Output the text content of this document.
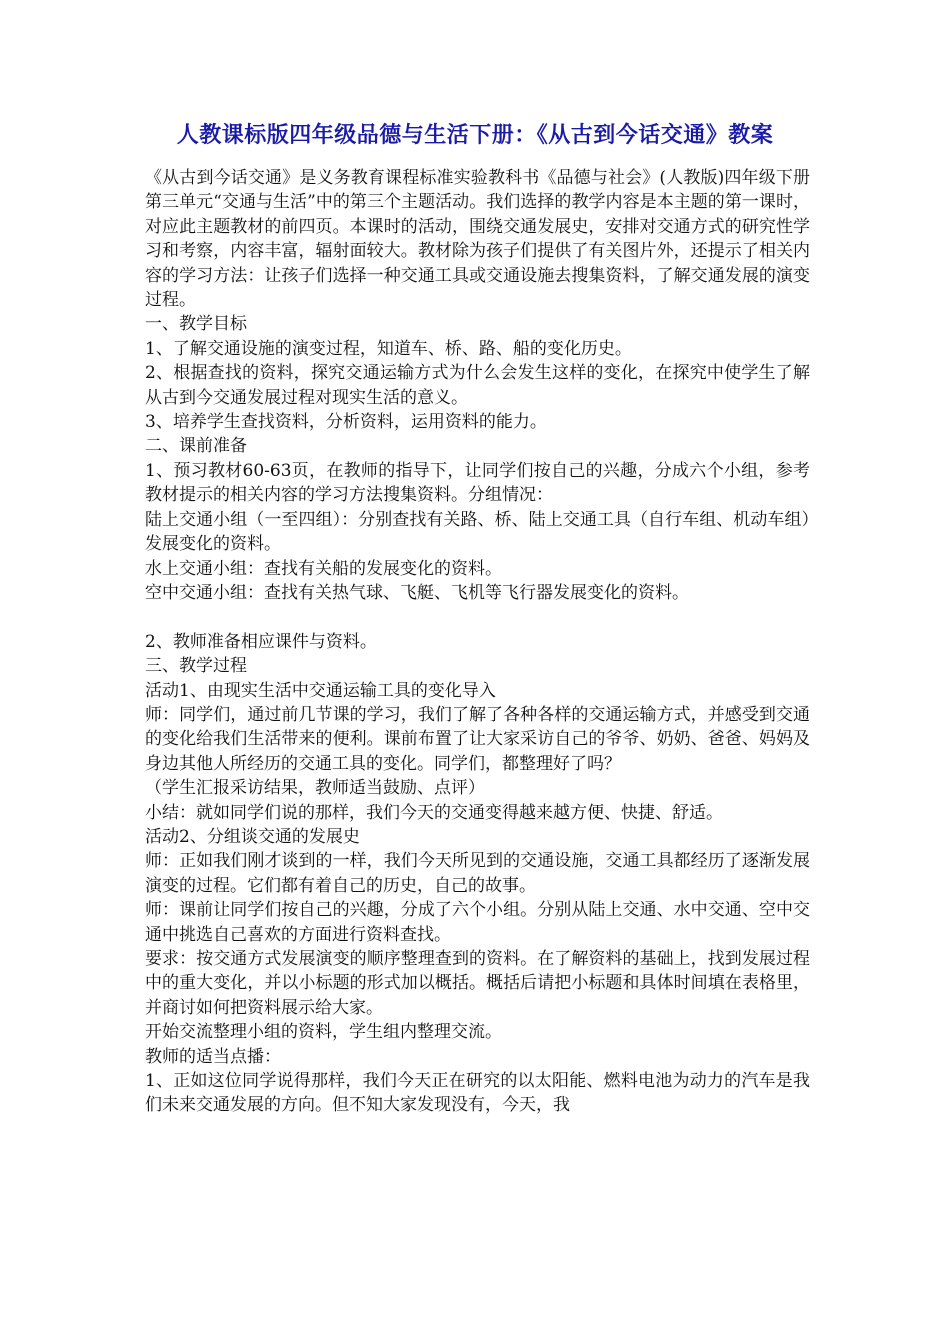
人教课标版四年级品德与生活下册：《从古到今话交通》教案

《从古到今话交通》是义务教育课程标准实验教科书《品德与社会》(人教版)四年级下册第三单元“交通与生活”中的第三个主题活动。我们选择的教学内容是本主题的第一课时，对应此主题教材的前四页。本课时的活动，围绕交通发展史，安排对交通方式的研究性学习和考察，内容丰富，辐射面较大。教材除为孩子们提供了有关图片外，还提示了相关内容的学习方法：让孩子们选择一种交通工具或交通设施去搜集资料，了解交通发展的演变过程。

一、教学目标

1、了解交通设施的演变过程，知道车、桥、路、船的变化历史。

2、根据查找的资料，探究交通运输方式为什么会发生这样的变化，在探究中使学生了解从古到今交通发展过程对现实生活的意义。

3、培养学生查找资料，分析资料，运用资料的能力。

二、课前准备

1、预习教材60-63页，在教师的指导下，让同学们按自己的兴趣，分成六个小组，参考教材提示的相关内容的学习方法搜集资料。分组情况：

陆上交通小组（一至四组）：分别查找有关路、桥、陆上交通工具（自行车组、机动车组）发展变化的资料。

水上交通小组：查找有关船的发展变化的资料。

空中交通小组：查找有关热气球、飞艇、飞机等飞行器发展变化的资料。

2、教师准备相应课件与资料。

三、教学过程

活动1、由现实生活中交通运输工具的变化导入

师：同学们，通过前几节课的学习，我们了解了各种各样的交通运输方式，并感受到交通的变化给我们生活带来的便利。课前布置了让大家采访自己的爷爷、奶奶、爸爸、妈妈及身边其他人所经历的交通工具的变化。同学们，都整理好了吗？

（学生汇报采访结果，教师适当鼓励、点评）

小结：就如同学们说的那样，我们今天的交通变得越来越方便、快捷、舒适。

活动2、分组谈交通的发展史

师：正如我们刚才谈到的一样，我们今天所见到的交通设施，交通工具都经历了逐渐发展演变的过程。它们都有着自己的历史，自己的故事。

师：课前让同学们按自己的兴趣，分成了六个小组。分别从陆上交通、水中交通、空中交通中挑选自己喜欢的方面进行资料查找。

要求：按交通方式发展演变的顺序整理查到的资料。在了解资料的基础上，找到发展过程中的重大变化，并以小标题的形式加以概括。概括后请把小标题和具体时间填在表格里，并商讨如何把资料展示给大家。

开始交流整理小组的资料，学生组内整理交流。

教师的适当点播：

1、正如这位同学说得那样，我们今天正在研究的以太阳能、燃料电池为动力的汽车是我们未来交通发展的方向。但不知大家发现没有，今天，我
